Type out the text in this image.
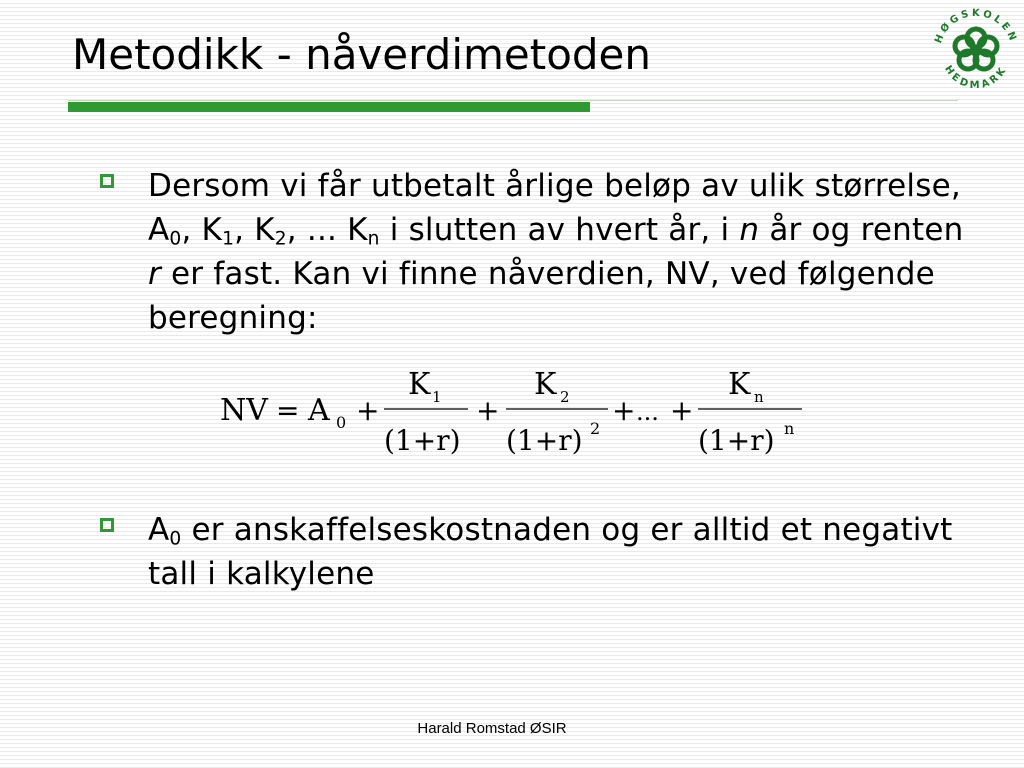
Metodikk - nåverdimetoden	HØGSKOLEN
HEDMARK
Dersom vi får utbetalt årlige beløp av ulik størrelse, $A_0$, $K_1$, $K_2$, ... $K_n$ i slutten av hvert år, i n år og renten r er fast. Kan vi finne nåverdien, NV, ved følgende beregning:
NV = A 0 +
K 1
(1+r)
+
K 2
(1+r) 2
+ ... +
K n
(1+r) n
$A_0$ er anskaffelseskostnaden og er alltid et negativt tall i kalkylene
Harald Romstad ØSIR
